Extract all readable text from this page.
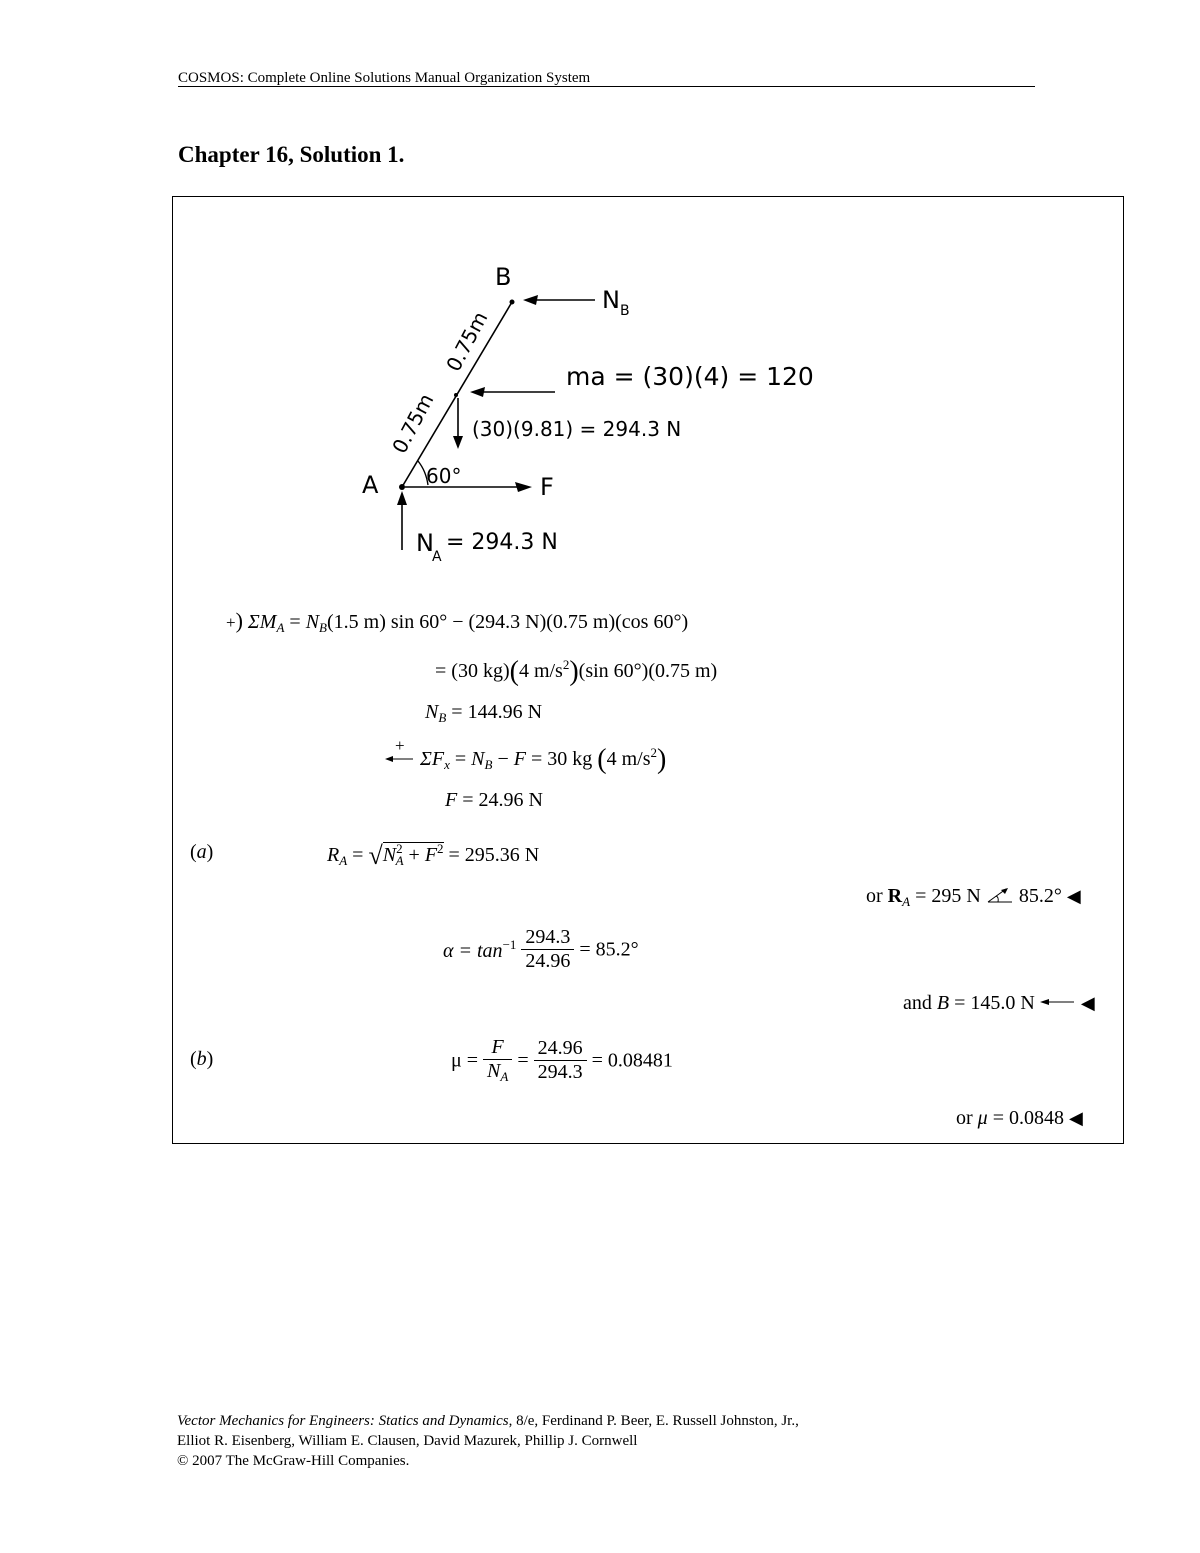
COSMOS: Complete Online Solutions Manual Organization System
Chapter 16, Solution 1.
B
N B
0.75m
0.75m
ma = (30)(4) = 120
(30)(9.81) = 294.3 N
A 60°	F
N
A
= 294.3 N
+) $\Sigma M_A = N_B(1.5$ m) sin 60° − (294.3 N)(0.75 m)(cos 60°)
= (30 kg)(4 $m/s^2)(\sin$ 60°)(0.75 m)
$N_B = 144.96$ N
+
$\Sigma F_x = N_B - F = 30$ kg (4 $m/s^2$)
F = 24.96 N
(a)	$R_A = √N^2_A + F^2 = 295.36$ N
or $R_A = 295$ N  85.2° ◀
$\alpha = \tan^{-1} \frac{294.3}{24.96} = 85.2^\circ$
and B = 145.0 N	◀
(b)	$\mu = \frac{F}{N_A} = \frac{24.96}{294.3} = 0.08481$
or μ = 0.0848 ◀
Vector Mechanics for Engineers: Statics and Dynamics, 8/e, Ferdinand P. Beer, E. Russell Johnston, Jr.,
Elliot R. Eisenberg, William E. Clausen, David Mazurek, Phillip J. Cornwell
© 2007 The McGraw-Hill Companies.
